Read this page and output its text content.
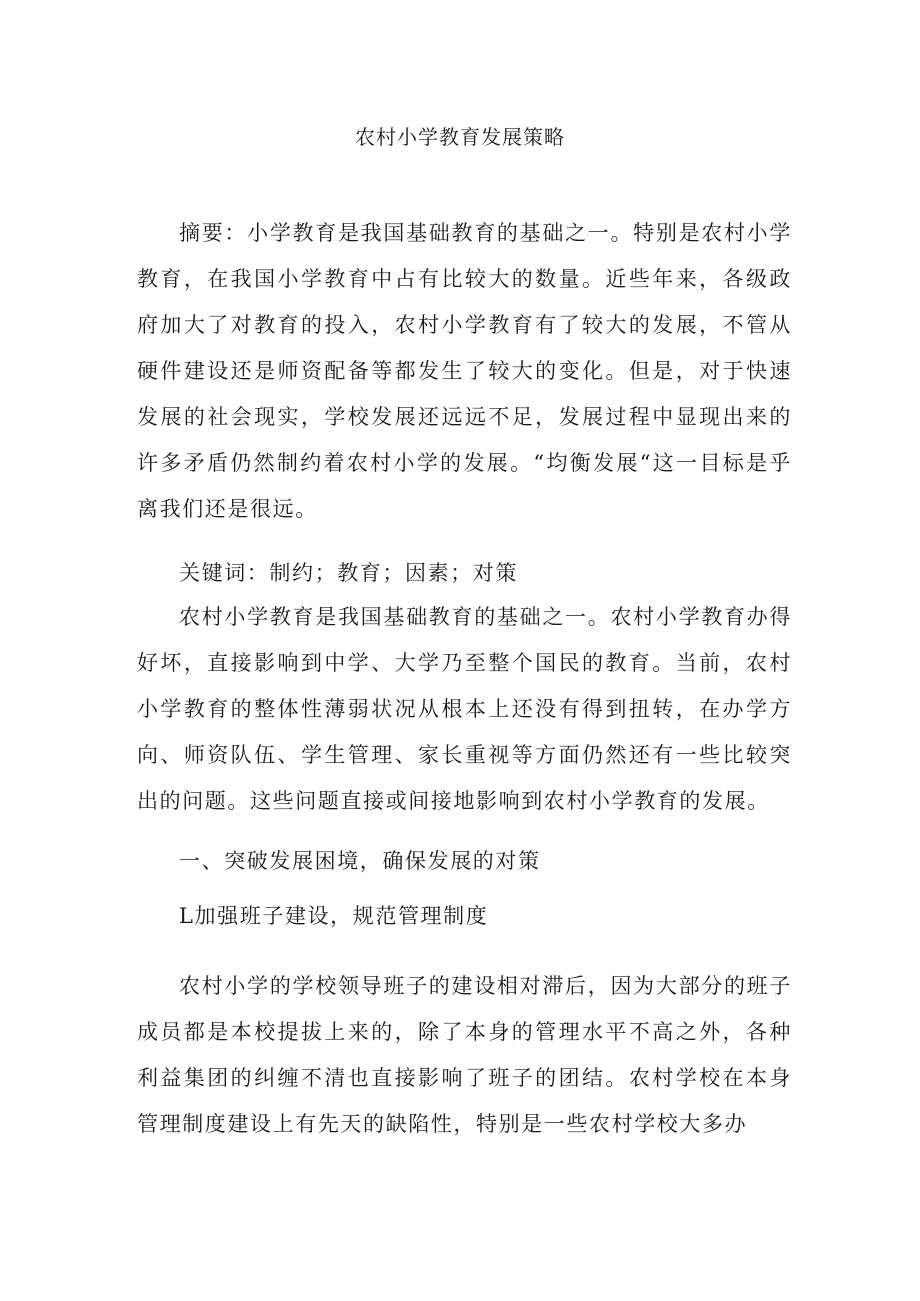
农村小学教育发展策略

摘要：小学教育是我国基础教育的基础之一。特别是农村小学教育，在我国小学教育中占有比较大的数量。近些年来，各级政府加大了对教育的投入，农村小学教育有了较大的发展，不管从硬件建设还是师资配备等都发生了较大的变化。但是，对于快速发展的社会现实，学校发展还远远不足，发展过程中显现出来的许多矛盾仍然制约着农村小学的发展。“均衡发展“这一目标是乎离我们还是很远。

关键词：制约；教育；因素；对策

农村小学教育是我国基础教育的基础之一。农村小学教育办得好坏，直接影响到中学、大学乃至整个国民的教育。当前，农村小学教育的整体性薄弱状况从根本上还没有得到扭转，在办学方向、师资队伍、学生管理、家长重视等方面仍然还有一些比较突出的问题。这些问题直接或间接地影响到农村小学教育的发展。

一、突破发展困境，确保发展的对策

L加强班子建设，规范管理制度

农村小学的学校领导班子的建设相对滞后，因为大部分的班子成员都是本校提拔上来的，除了本身的管理水平不高之外，各种利益集团的纠缠不清也直接影响了班子的团结。农村学校在本身管理制度建设上有先天的缺陷性，特别是一些农村学校大多办
